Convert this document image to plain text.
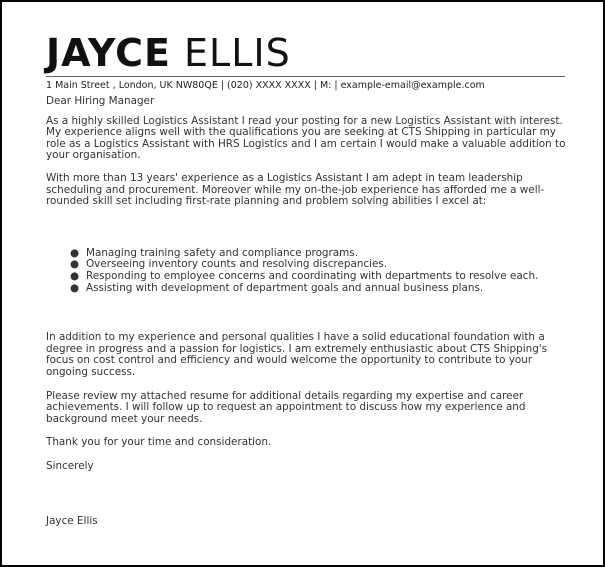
JAYCE ELLIS
1 Main Street , London, UK NW80QE | (020) XXXX XXXX | M: | example-email@example.com

Dear Hiring Manager

As a highly skilled Logistics Assistant I read your posting for a new Logistics Assistant with interest. My experience aligns well with the qualifications you are seeking at CTS Shipping in particular my role as a Logistics Assistant with HRS Logistics and I am certain I would make a valuable addition to your organisation.

With more than 13 years' experience as a Logistics Assistant I am adept in team leadership scheduling and procurement. Moreover while my on-the-job experience has afforded me a well-rounded skill set including first-rate planning and problem solving abilities I excel at:

● Managing training safety and compliance programs.
● Overseeing inventory counts and resolving discrepancies.
● Responding to employee concerns and coordinating with departments to resolve each.
● Assisting with development of department goals and annual business plans.

In addition to my experience and personal qualities I have a solid educational foundation with a degree in progress and a passion for logistics. I am extremely enthusiastic about CTS Shipping's focus on cost control and efficiency and would welcome the opportunity to contribute to your ongoing success.

Please review my attached resume for additional details regarding my expertise and career achievements. I will follow up to request an appointment to discuss how my experience and background meet your needs.

Thank you for your time and consideration.

Sincerely

Jayce Ellis
